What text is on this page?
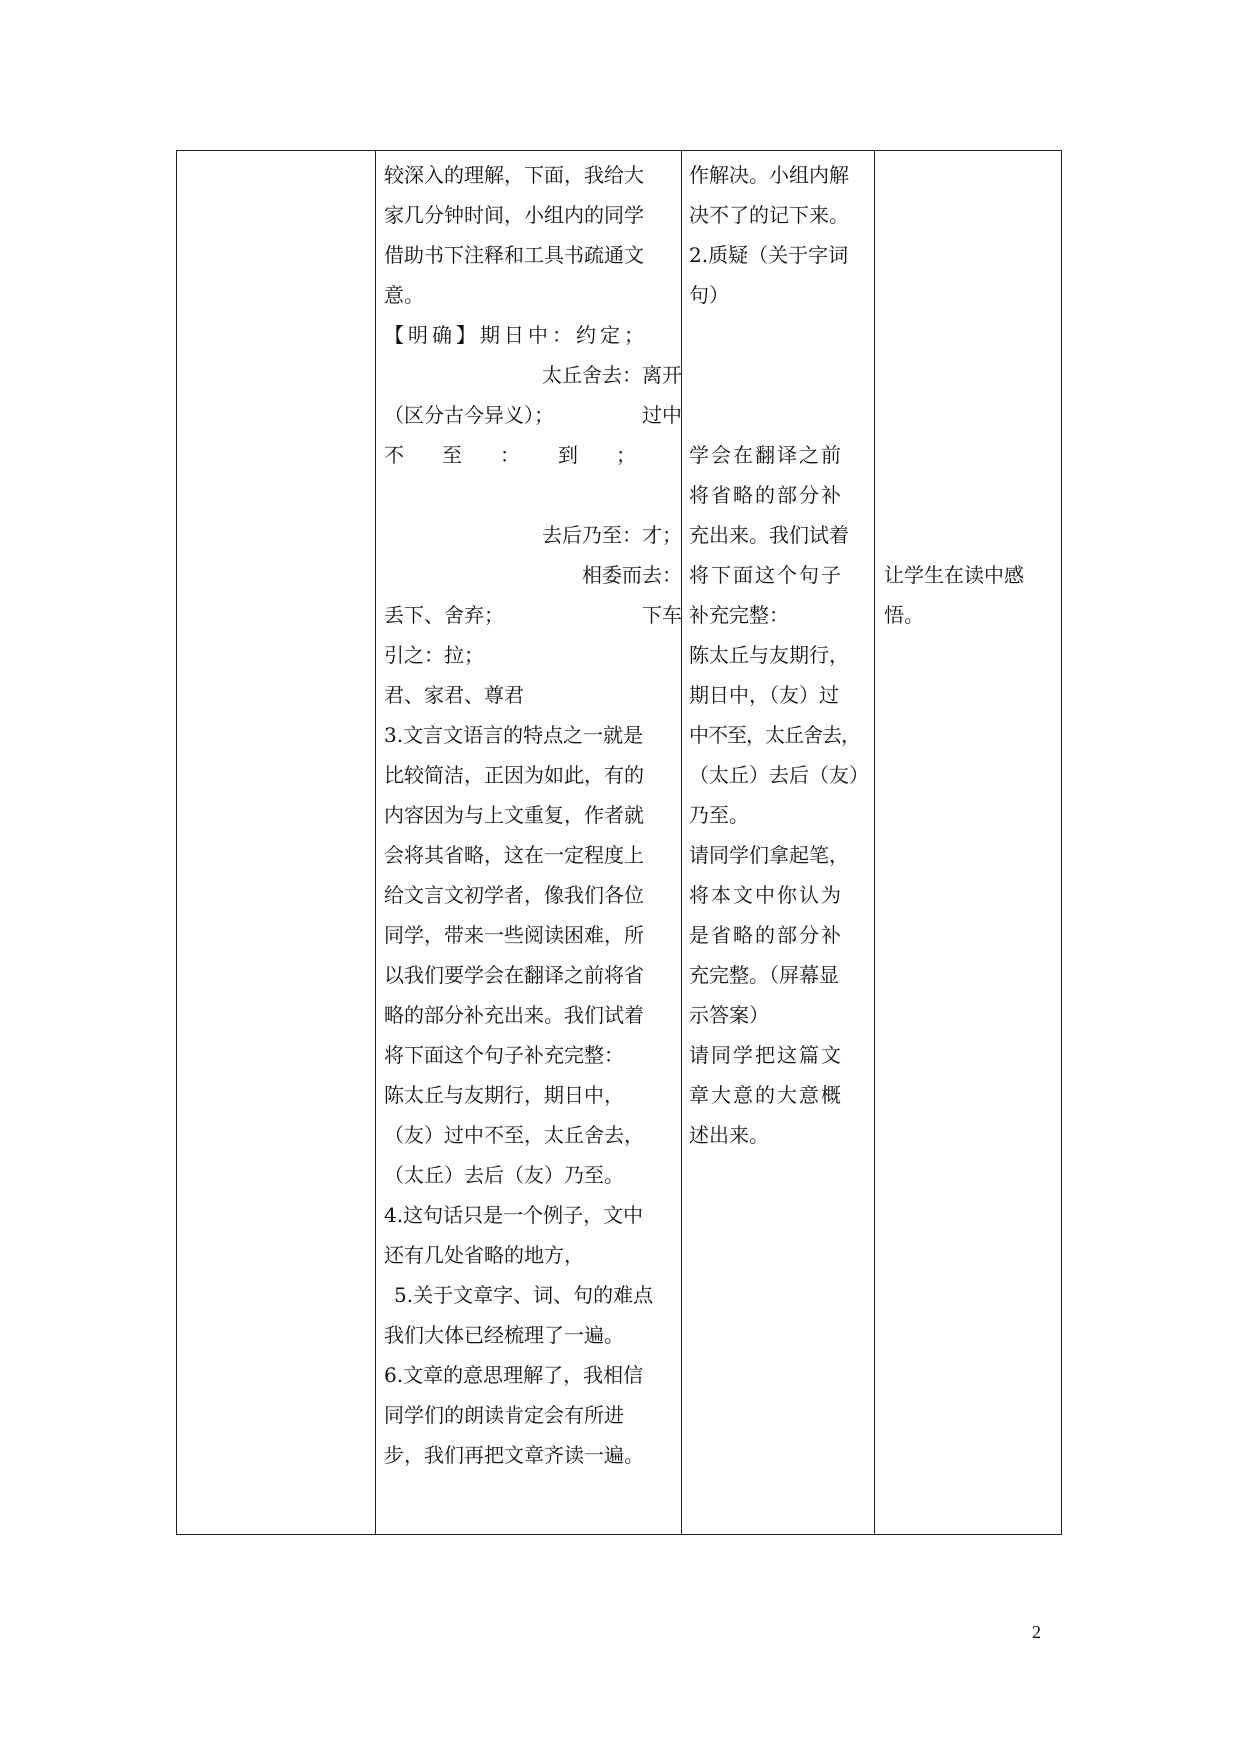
较深入的理解，下面，我给大

家几分钟时间，小组内的同学

借助书下注释和工具书疏通文

意。

【明确】期日中：约定；

太丘舍去：离开

（区分古今异义）；	过中

不至：到；

去后乃至：才；

相委而去：

丢下、舍弃；	下车

引之：拉；

君、家君、尊君

3.文言文语言的特点之一就是

比较简洁，正因为如此，有的

内容因为与上文重复，作者就

会将其省略，这在一定程度上

给文言文初学者，像我们各位

同学，带来一些阅读困难，所

以我们要学会在翻译之前将省

略的部分补充出来。我们试着

将下面这个句子补充完整：

陈太丘与友期行，期日中，

（友）过中不至，太丘舍去，

（太丘）去后（友）乃至。

4.这句话只是一个例子，文中

还有几处省略的地方，

5.关于文章字、词、句的难点

我们大体已经梳理了一遍。

6.文章的意思理解了，我相信

同学们的朗读肯定会有所进

步，我们再把文章齐读一遍。

作解决。小组内解

决不了的记下来。

2.质疑（关于字词

句）

学会在翻译之前

将省略的部分补

充出来。我们试着

将下面这个句子

补充完整：

陈太丘与友期行，

期日中，（友）过

中不至，太丘舍去，

（太丘）去后（友）

乃至。

请同学们拿起笔，

将本文中你认为

是省略的部分补

充完整。（屏幕显

示答案）

请同学把这篇文

章大意的大意概

述出来。

让学生在读中感

悟。

2
